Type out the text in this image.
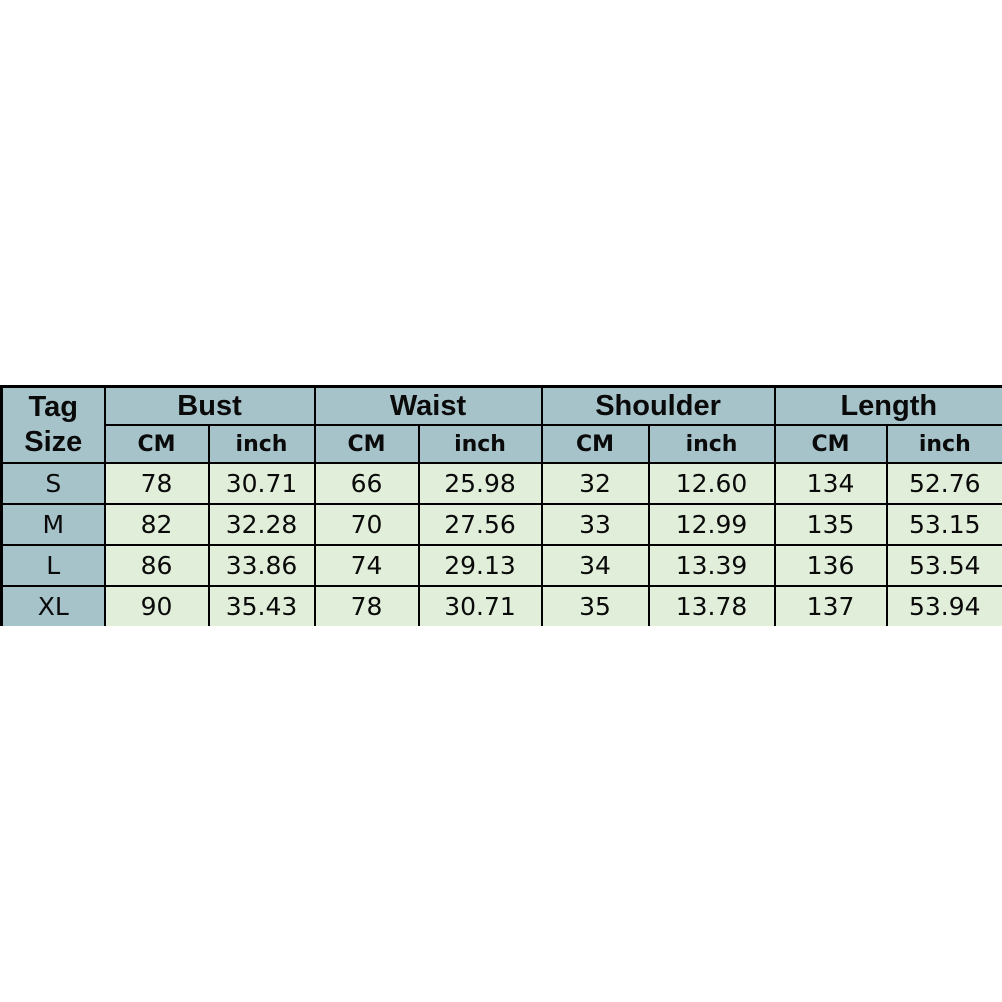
Tag
Size	Bust		Waist		Shoulder		Length	
	CM	inch	CM	inch	CM	inch	CM	inch
S	78	30.71	66	25.98	32	12.60	134	52.76
M	82	32.28	70	27.56	33	12.99	135	53.15
L	86	33.86	74	29.13	34	13.39	136	53.54
XL	90	35.43	78	30.71	35	13.78	137	53.94
